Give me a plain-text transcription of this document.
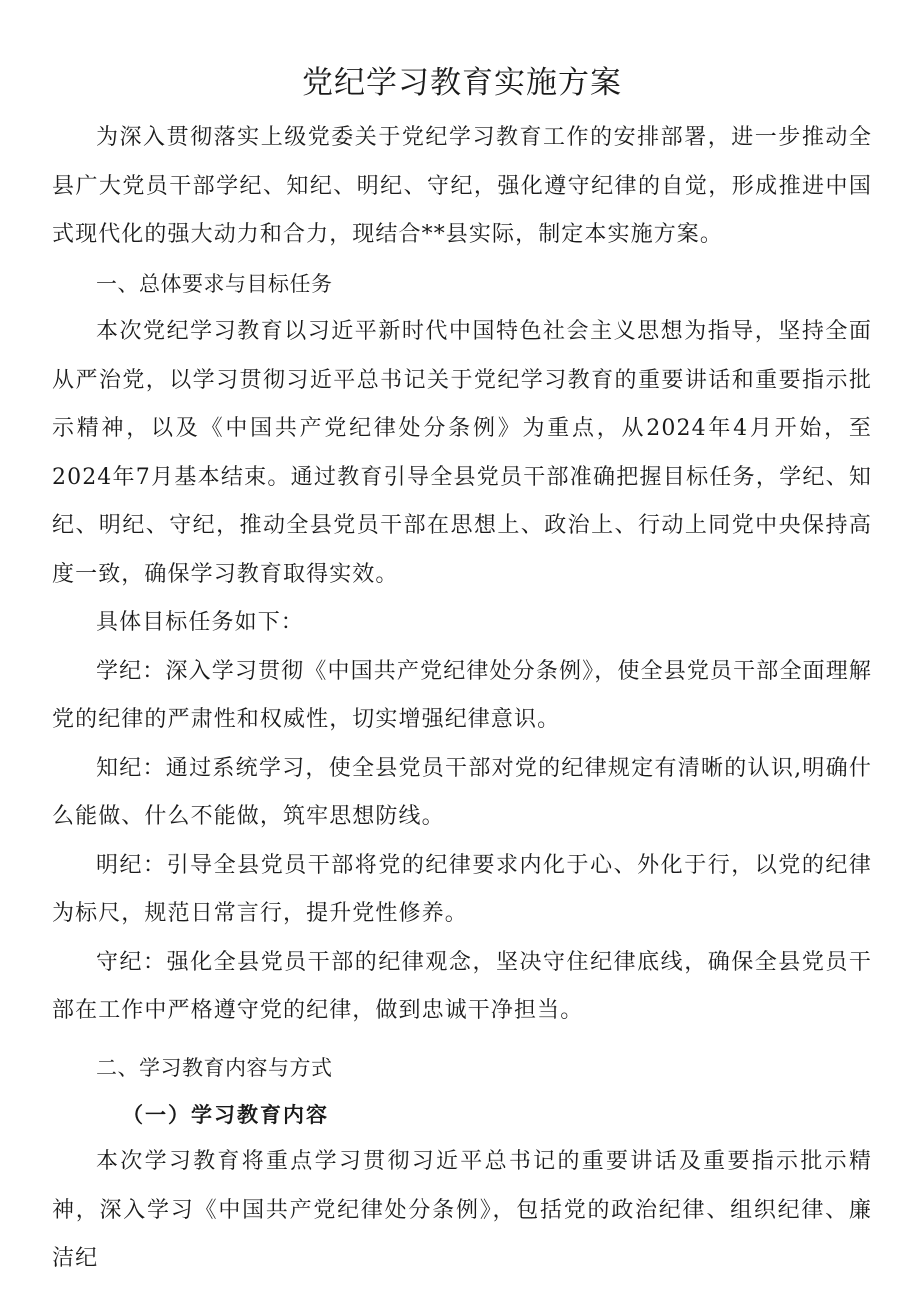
党纪学习教育实施方案

为深入贯彻落实上级党委关于党纪学习教育工作的安排部署，进一步推动全县广大党员干部学纪、知纪、明纪、守纪，强化遵守纪律的自觉，形成推进中国式现代化的强大动力和合力，现结合**县实际，制定本实施方案。

一、总体要求与目标任务

本次党纪学习教育以习近平新时代中国特色社会主义思想为指导，坚持全面从严治党，以学习贯彻习近平总书记关于党纪学习教育的重要讲话和重要指示批示精神，以及《中国共产党纪律处分条例》为重点，从2024年4月开始，至2024年7月基本结束。通过教育引导全县党员干部准确把握目标任务，学纪、知纪、明纪、守纪，推动全县党员干部在思想上、政治上、行动上同党中央保持高度一致，确保学习教育取得实效。

具体目标任务如下：

学纪：深入学习贯彻《中国共产党纪律处分条例》，使全县党员干部全面理解党的纪律的严肃性和权威性，切实增强纪律意识。

知纪：通过系统学习，使全县党员干部对党的纪律规定有清晰的认识,明确什么能做、什么不能做，筑牢思想防线。

明纪：引导全县党员干部将党的纪律要求内化于心、外化于行，以党的纪律为标尺，规范日常言行，提升党性修养。

守纪：强化全县党员干部的纪律观念，坚决守住纪律底线，确保全县党员干部在工作中严格遵守党的纪律，做到忠诚干净担当。

二、学习教育内容与方式
（一）学习教育内容

本次学习教育将重点学习贯彻习近平总书记的重要讲话及重要指示批示精神，深入学习《中国共产党纪律处分条例》，包括党的政治纪律、组织纪律、廉洁纪
